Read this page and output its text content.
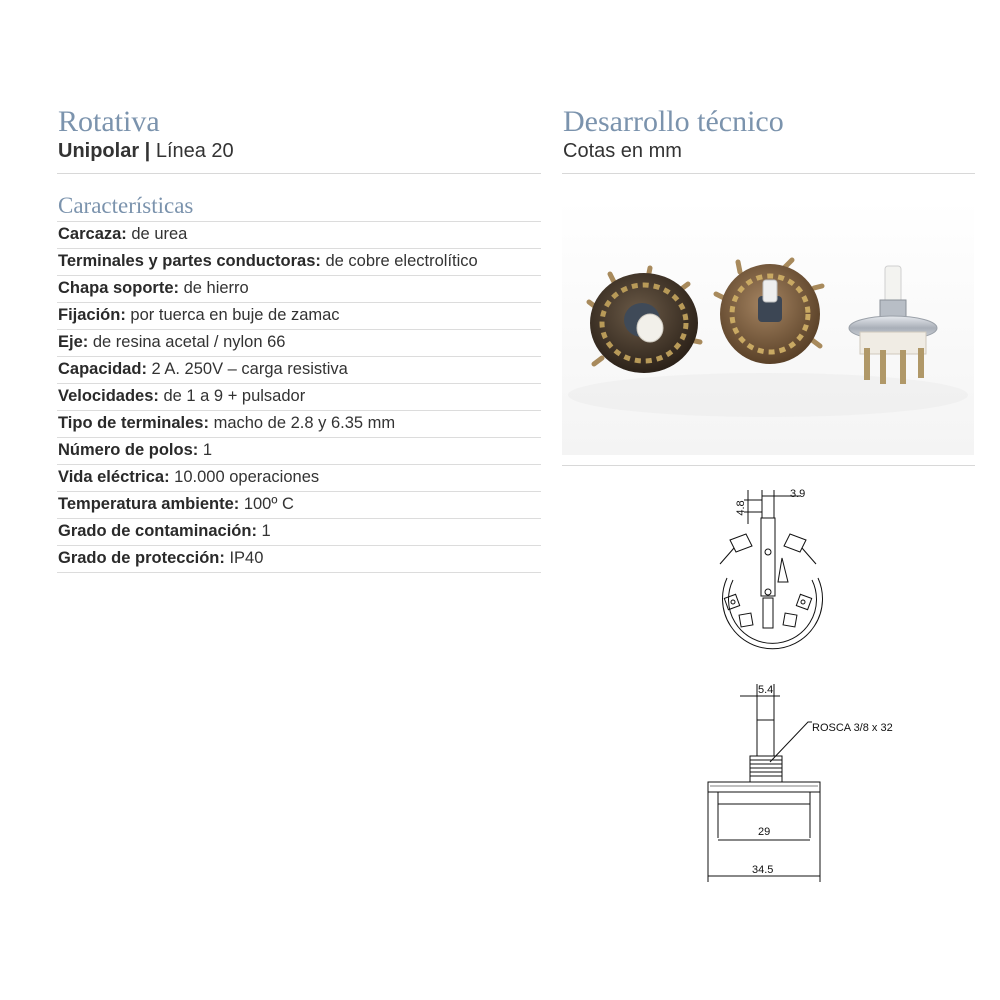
Rotativa
Unipolar | Línea 20
Desarrollo técnico
Cotas en mm
Características
Carcaza: de urea
Terminales y partes conductoras: de cobre electrolítico
Chapa soporte: de hierro
Fijación: por tuerca en buje de zamac
Eje: de resina acetal / nylon 66
Capacidad: 2 A. 250V – carga resistiva
Velocidades: de 1 a 9 + pulsador
Tipo de terminales: macho de 2.8 y 6.35 mm
Número de polos: 1
Vida eléctrica: 10.000 operaciones
Temperatura ambiente: 100º C
Grado de contaminación: 1
Grado de protección: IP40
4.8
3.9
5.4
ROSCA 3/8 x 32
29
34.5
